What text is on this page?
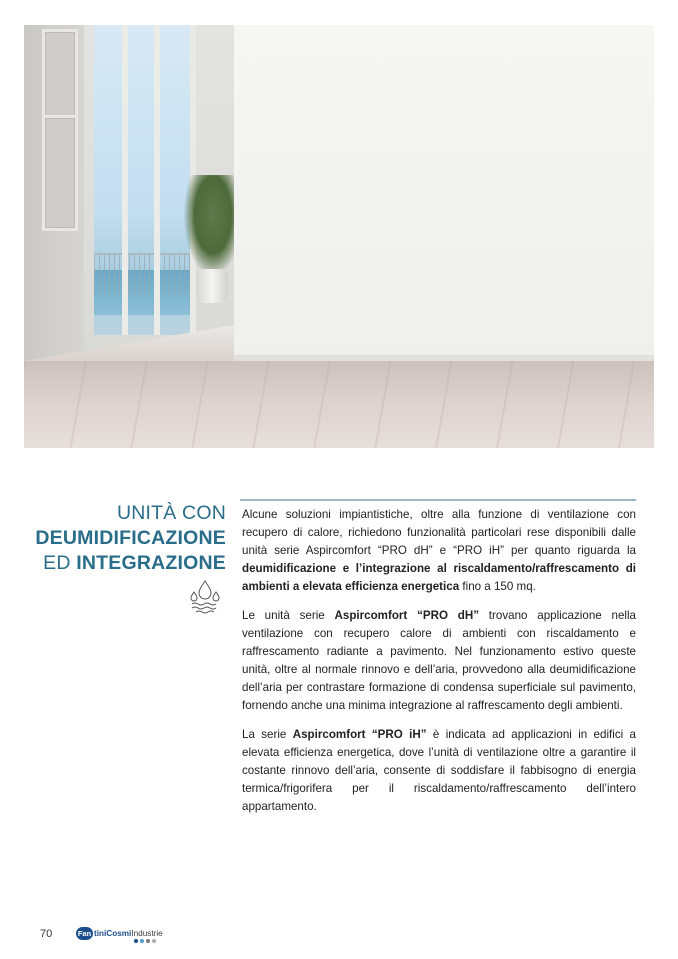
UNITÀ CON
DEUMIDIFICAZIONE
ED INTEGRAZIONE

Alcune soluzioni impiantistiche, oltre alla funzione di ventilazione con recupero di calore, richiedono funzionalità particolari rese disponibili dalle unità serie Aspircomfort “PRO dH” e “PRO iH” per quanto riguarda la deumidificazione e l’integrazione al riscaldamento/raffrescamento di ambienti a elevata efficienza energetica fino a 150 mq.

Le unità serie Aspircomfort “PRO dH” trovano applicazione nella ventilazione con recupero calore di ambienti con riscaldamento e raffrescamento radiante a pavimento. Nel funzionamento estivo queste unità, oltre al normale rinnovo e dell’aria, provvedono alla deumidificazione dell’aria per contrastare formazione di condensa superficiale sul pavimento, fornendo anche una minima integrazione al raffrescamento degli ambienti.

La serie Aspircomfort “PRO iH” è indicata ad applicazioni in edifici a elevata efficienza energetica, dove l’unità di ventilazione oltre a garantire il costante rinnovo dell’aria, consente di soddisfare il fabbisogno di energia termica/frigorifera per il riscaldamento/raffrescamento dell’intero appartamento.

70	Fan tiniCosmiIndustrie
